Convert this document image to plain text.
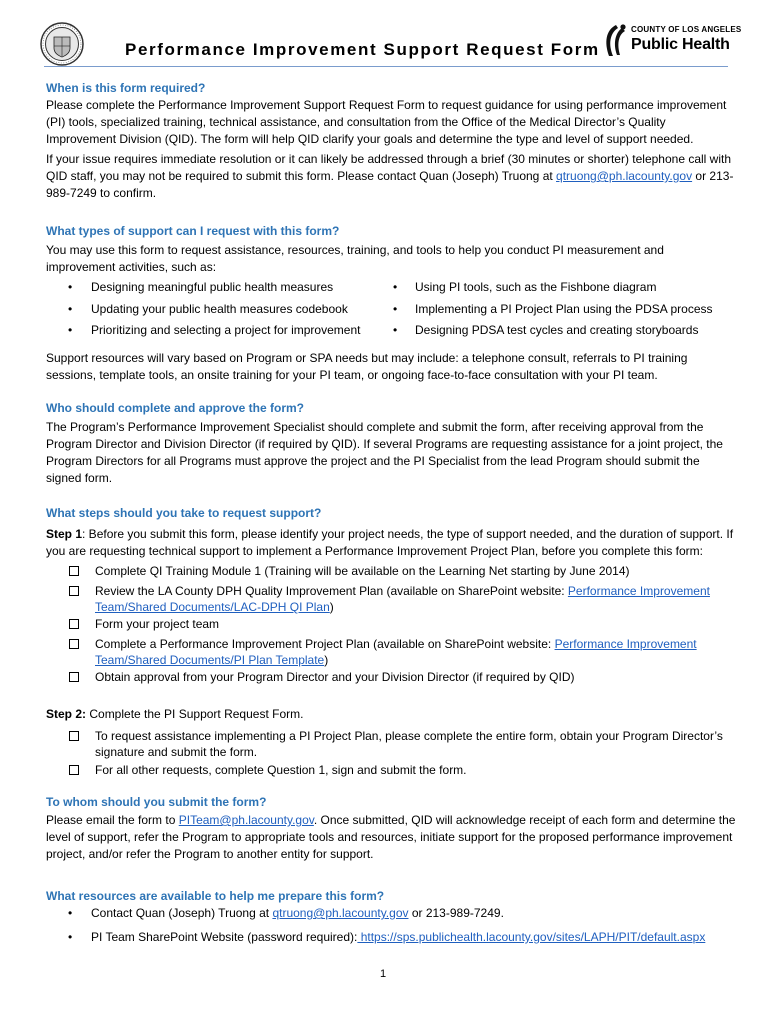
Performance Improvement Support Request Form
COUNTY OF LOS ANGELES
Public Health
When is this form required?
Please complete the Performance Improvement Support Request Form to request guidance for using performance improvement (PI) tools, specialized training, technical assistance, and consultation from the Office of the Medical Director’s Quality Improvement Division (QID). The form will help QID clarify your goals and determine the type and level of support needed.
If your issue requires immediate resolution or it can likely be addressed through a brief (30 minutes or shorter) telephone call with QID staff, you may not be required to submit this form. Please contact Quan (Joseph) Truong at qtruong@ph.lacounty.gov or 213-989-7249 to confirm.
What types of support can I request with this form?
You may use this form to request assistance, resources, training, and tools to help you conduct PI measurement and improvement activities, such as:
• Designing meaningful public health measures
• Updating your public health measures codebook
• Prioritizing and selecting a project for improvement
• Using PI tools, such as the Fishbone diagram
• Implementing a PI Project Plan using the PDSA process
• Designing PDSA test cycles and creating storyboards
Support resources will vary based on Program or SPA needs but may include: a telephone consult, referrals to PI training sessions, template tools, an onsite training for your PI team, or ongoing face-to-face consultation with your PI team.
Who should complete and approve the form?
The Program’s Performance Improvement Specialist should complete and submit the form, after receiving approval from the Program Director and Division Director (if required by QID). If several Programs are requesting assistance for a joint project, the Program Directors for all Programs must approve the project and the PI Specialist from the lead Program should submit the signed form.
What steps should you take to request support?
Step 1: Before you submit this form, please identify your project needs, the type of support needed, and the duration of support. If you are requesting technical support to implement a Performance Improvement Project Plan, before you complete this form:
Complete QI Training Module 1 (Training will be available on the Learning Net starting by June 2014)
Review the LA County DPH Quality Improvement Plan (available on SharePoint website: Performance Improvement Team/Shared Documents/LAC-DPH QI Plan)
Form your project team
Complete a Performance Improvement Project Plan (available on SharePoint website: Performance Improvement Team/Shared Documents/PI Plan Template)
Obtain approval from your Program Director and your Division Director (if required by QID)
Step 2: Complete the PI Support Request Form.
To request assistance implementing a PI Project Plan, please complete the entire form, obtain your Program Director’s signature and submit the form.
For all other requests, complete Question 1, sign and submit the form.
To whom should you submit the form?
Please email the form to PITeam@ph.lacounty.gov. Once submitted, QID will acknowledge receipt of each form and determine the level of support, refer the Program to appropriate tools and resources, initiate support for the proposed performance improvement project, and/or refer the Program to another entity for support.
What resources are available to help me prepare this form?
• Contact Quan (Joseph) Truong at qtruong@ph.lacounty.gov or 213-989-7249.
• PI Team SharePoint Website (password required): https://sps.publichealth.lacounty.gov/sites/LAPH/PIT/default.aspx
1
